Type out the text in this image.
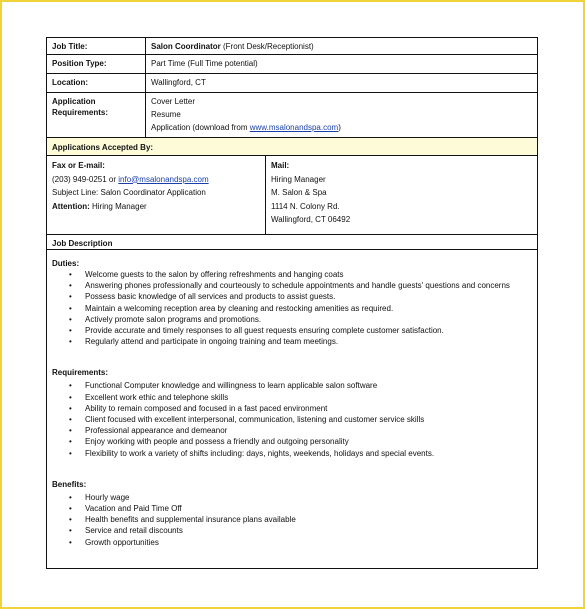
Job Title:	Salon Coordinator (Front Desk/Receptionist)
Position Type:	Part Time (Full Time potential)
Location:	Wallingford, CT
Application Requirements:
Cover Letter
Resume
Application (download from www.msalonandspa.com)
Applications Accepted By:
Fax or E-mail:
(203) 949-0251 or info@msalonandspa.com
Subject Line: Salon Coordinator Application
Attention: Hiring Manager
Mail:
Hiring Manager
M. Salon & Spa
1114 N. Colony Rd.
Wallingford, CT 06492
Job Description
Duties:
• Welcome guests to the salon by offering refreshments and hanging coats
• Answering phones professionally and courteously to schedule appointments and handle guests' questions and concerns
• Possess basic knowledge of all services and products to assist guests.
• Maintain a welcoming reception area by cleaning and restocking amenities as required.
• Actively promote salon programs and promotions.
• Provide accurate and timely responses to all guest requests ensuring complete customer satisfaction.
• Regularly attend and participate in ongoing training and team meetings.
Requirements:
• Functional Computer knowledge and willingness to learn applicable salon software
• Excellent work ethic and telephone skills
• Ability to remain composed and focused in a fast paced environment
• Client focused with excellent interpersonal, communication, listening and customer service skills
• Professional appearance and demeanor
• Enjoy working with people and possess a friendly and outgoing personality
• Flexibility to work a variety of shifts including: days, nights, weekends, holidays and special events.
Benefits:
• Hourly wage
• Vacation and Paid Time Off
• Health benefits and supplemental insurance plans available
• Service and retail discounts
• Growth opportunities
